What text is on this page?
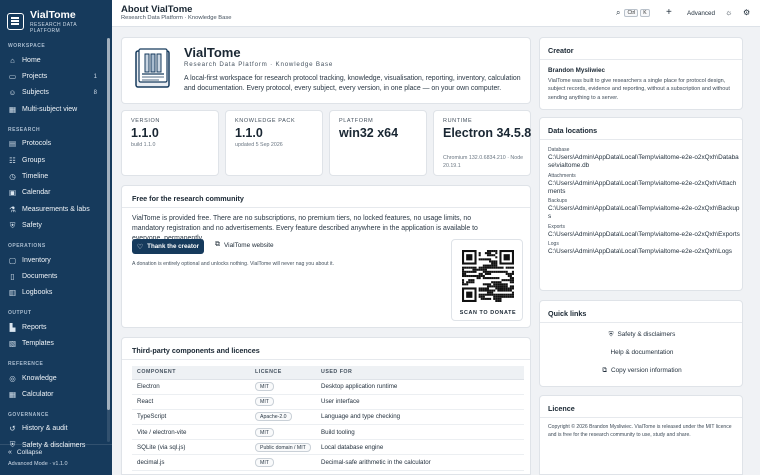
VialTome
RESEARCH DATA PLATFORM
WORKSPACE
⌂	Home
▭ Projects	1
☺ Subjects	8
▦ Multi-subject view
RESEARCH
▤ Protocols
☷ Groups
◷ Timeline
▣ Calendar
⚗ Measurements & labs
⛨ Safety
OPERATIONS
▢ Inventory
▯	Documents
▥ Logbooks
OUTPUT
▙ Reports
▧ Templates
REFERENCE
◎ Knowledge
▦ Calculator
GOVERNANCE
↺ History & audit
⛨ Safety & disclaimers
« Collapse
Advanced Mode · v1.1.0
About VialTome
Research Data Platform · Knowledge Base
⌕	Ctrl	K	+ Advanced ☼ ⚙
VialTome
Research Data Platform · Knowledge Base
A local-first workspace for research protocol tracking, knowledge, visualisation, reporting, inventory, calculation and documentation. Every protocol, every subject, every version, in one place — on your own computer.
VERSION
1.1.0
build 1.1.0
KNOWLEDGE PACK
1.1.0
updated 5 Sep 2026
PLATFORM
win32 x64
RUNTIME
Electron 34.5.8
Chromium 132.0.6834.210 · Node 20.19.1
Free for the research community
VialTome is provided free. There are no subscriptions, no premium tiers, no locked features, no usage limits, no mandatory registration and no advertisements. Every feature described anywhere in the application is available to
♡ Thank the creator ⧉ VialTome website
A donation is entirely optional and unlocks nothing. VialTome will never nag you about it.
SCAN TO DONATE
Third-party components and licences
COMPONENT	LICENCE	USED FOR
Electron	MIT	Desktop application runtime
React	MIT	User interface
TypeScript	Apache-2.0	Language and type checking
Vite / electron-vite	MIT	Build tooling
SQLite (via sql.js)	Public domain / MIT	Local database engine
decimal.js	MIT	Decimal-safe arithmetic in the calculator
Creator
Brandon Mysliwiec
VialTome was built to give researchers a single place for protocol design, subject records, evidence and reporting, without a subscription and without sending anything to a server.
Data locations
Database
C:\Users\Admin\AppData\Local\Temp\vialtome-e2e-o2xQxh\Database\vialtome.db
Attachments
C:\Users\Admin\AppData\Local\Temp\vialtome-e2e-o2xQxh\Attachments
Backups
C:\Users\Admin\AppData\Local\Temp\vialtome-e2e-o2xQxh\Backups
Exports
C:\Users\Admin\AppData\Local\Temp\vialtome-e2e-o2xQxh\Exports
Logs
C:\Users\Admin\AppData\Local\Temp\vialtome-e2e-o2xQxh\Logs
Quick links
⛨ Safety & disclaimers
Help & documentation
⧉ Copy version information
Licence
Copyright © 2026 Brandon Mysliwiec. VialTome is released under the MIT licence and is free for the research community to use, study and share.
